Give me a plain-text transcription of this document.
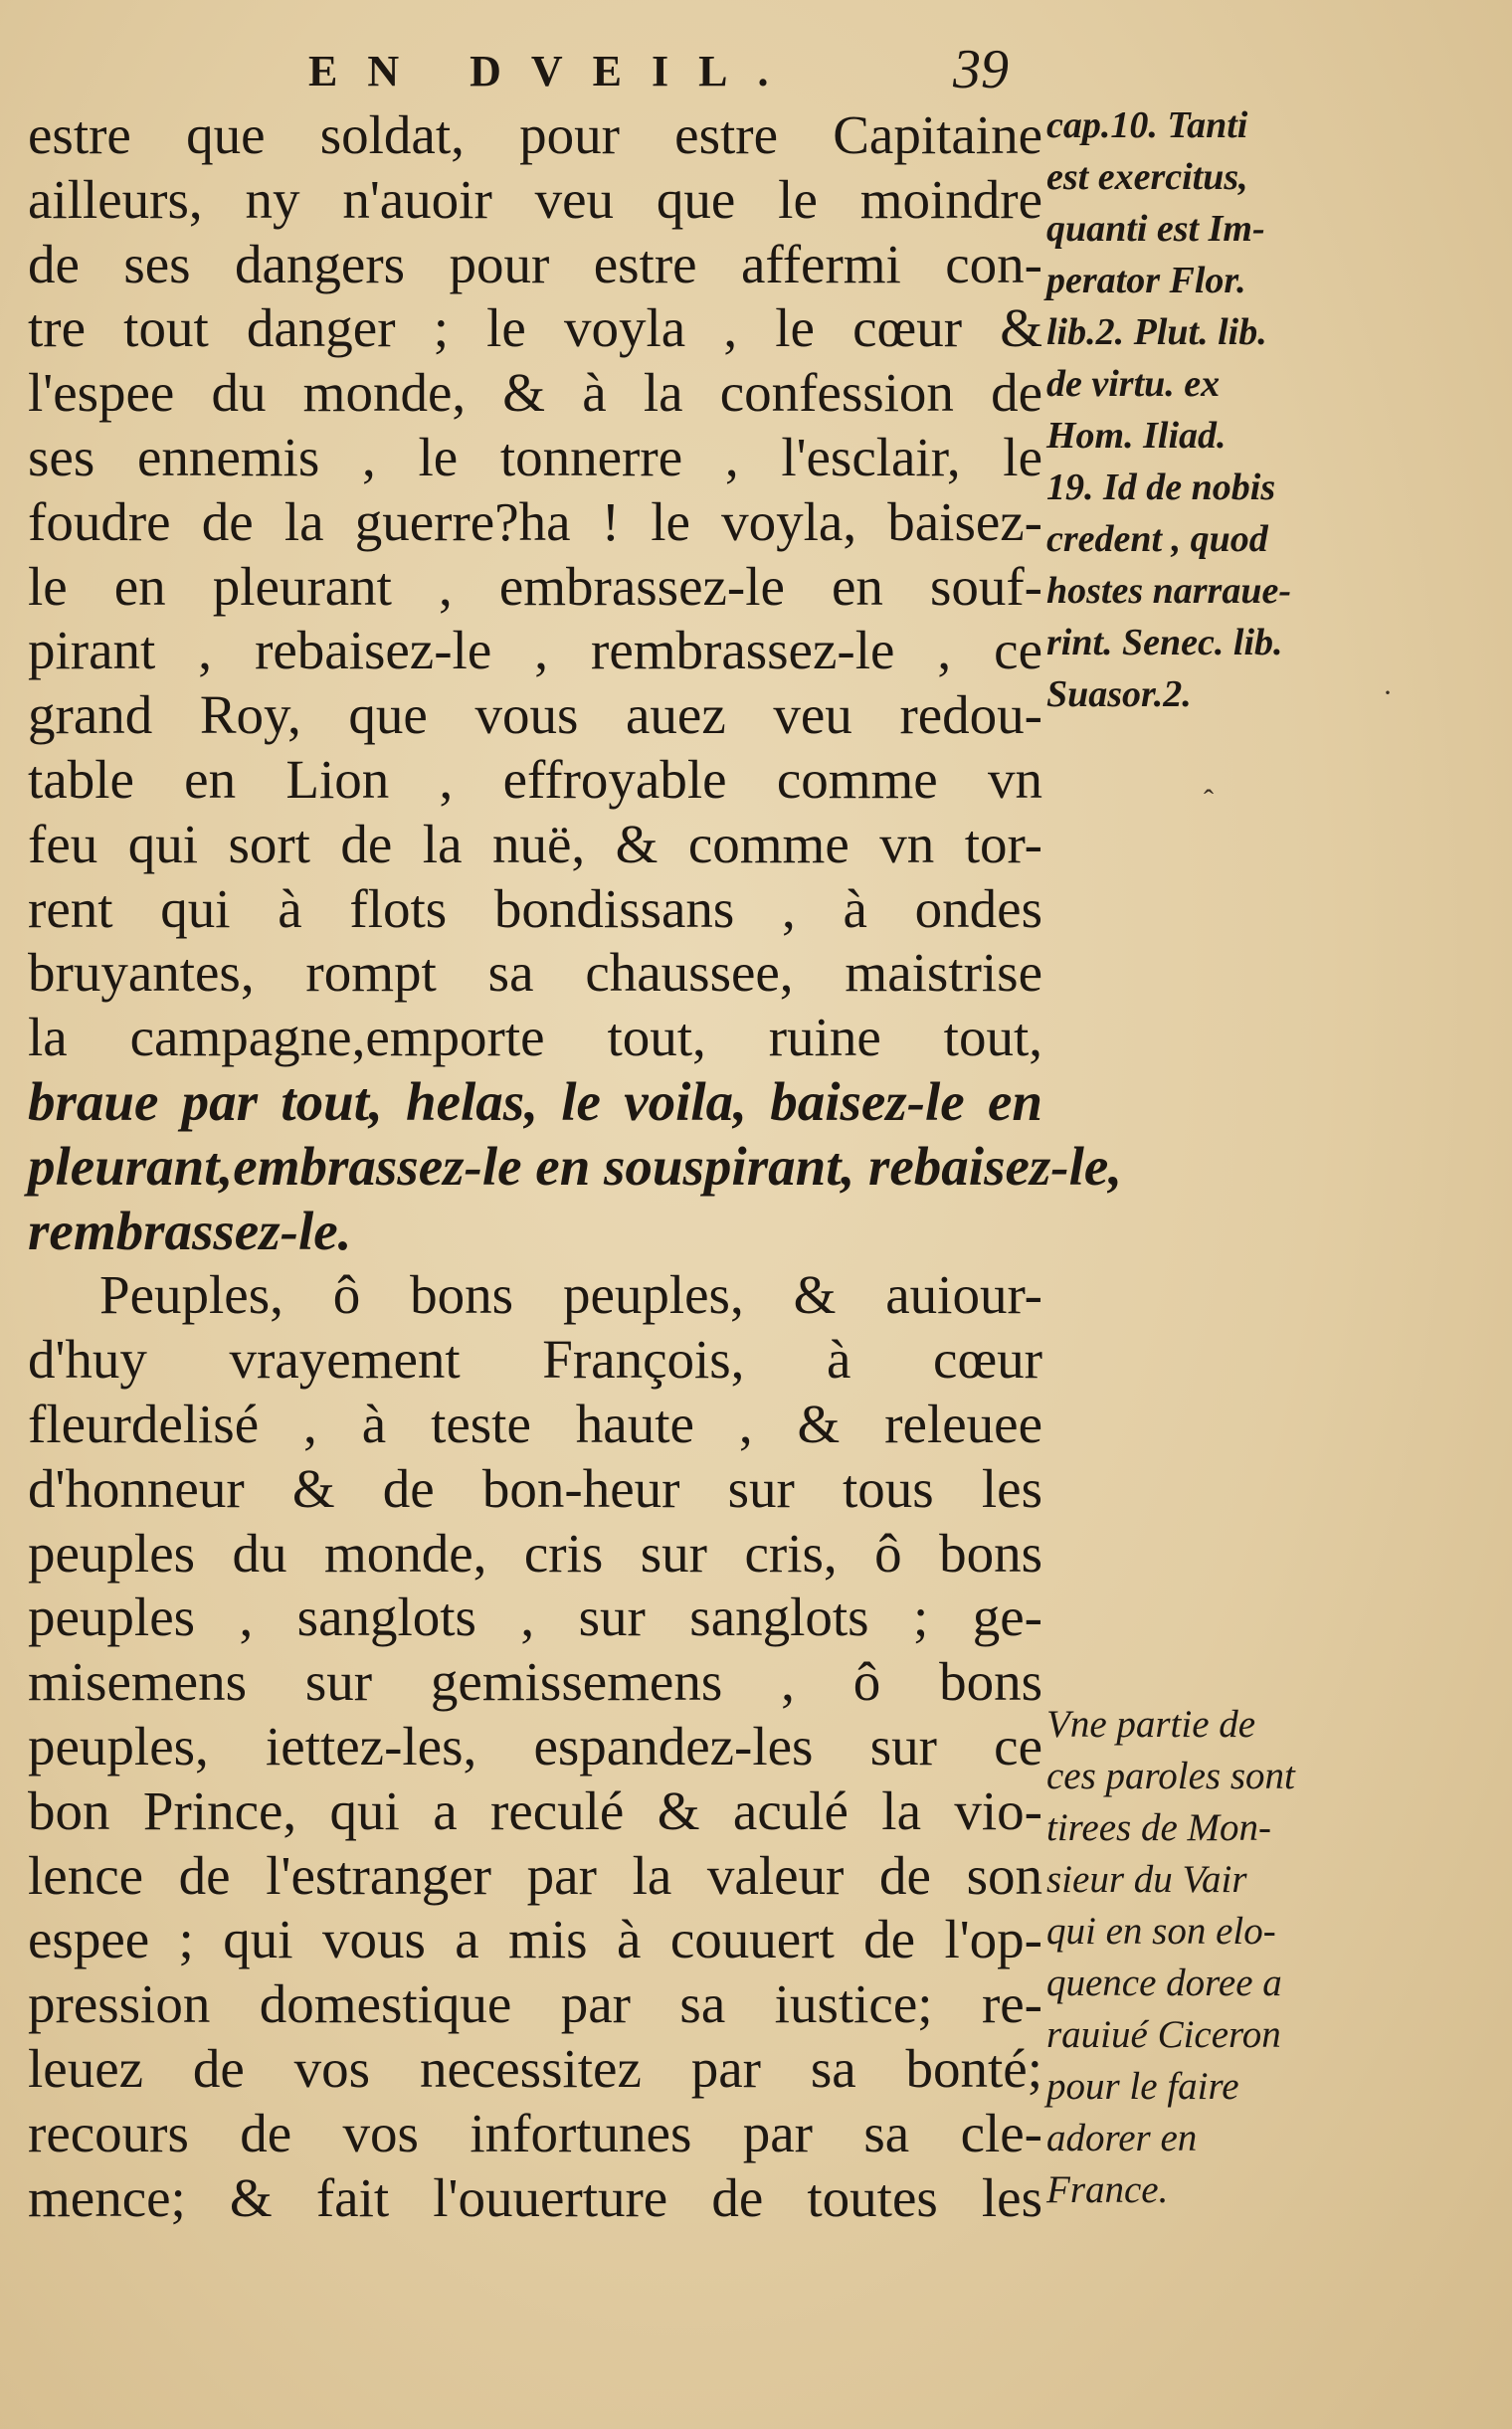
EN DVEIL.	39
estre que soldat, pour estre Capitaine
ailleurs, ny n'auoir veu que le moindre
de ses dangers pour estre affermi con-
tre tout danger ; le voyla , le cœur &
l'espee du monde, & à la confession de
ses ennemis , le tonnerre , l'esclair, le
foudre de la guerre?ha ! le voyla, baisez-
le en pleurant , embrassez-le en souf-
pirant , rebaisez-le , rembrassez-le , ce
grand Roy, que vous auez veu redou-
table en Lion , effroyable comme vn
feu qui sort de la nuë, & comme vn tor-
rent qui à flots bondissans , à ondes
bruyantes, rompt sa chaussee, maistrise
la campagne,emporte tout, ruine tout,
braue par tout, helas, le voila, baisez-le en
pleurant,embrassez-le en souspirant, rebaisez-le,
rembrassez-le.
Peuples, ô bons peuples, & auiour-
d'huy vrayement François, à cœur
fleurdelisé , à teste haute , & releuee
d'honneur & de bon-heur sur tous les
peuples du monde, cris sur cris, ô bons
peuples , sanglots , sur sanglots ; ge-
misemens sur gemissemens , ô bons
peuples, iettez-les, espandez-les sur ce
bon Prince, qui a reculé & aculé la vio-
lence de l'estranger par la valeur de son
espee ; qui vous a mis à couuert de l'op-
pression domestique par sa iustice; re-
leuez de vos necessitez par sa bonté;
recours de vos infortunes par sa cle-
mence; & fait l'ouuerture de toutes les
cap.10. Tanti
est exercitus,
quanti est Im-
perator Flor.
lib.2. Plut. lib.
de virtu. ex
Hom. Iliad.
19. Id de nobis
credent , quod
hostes narraue-
rint. Senec. lib.
Suasor.2.
Vne partie de
ces paroles sont
tirees de Mon-
sieur du Vair
qui en son elo-
quence doree a
rauiué Ciceron
pour le faire
adorer en
France.
ˆ
·
